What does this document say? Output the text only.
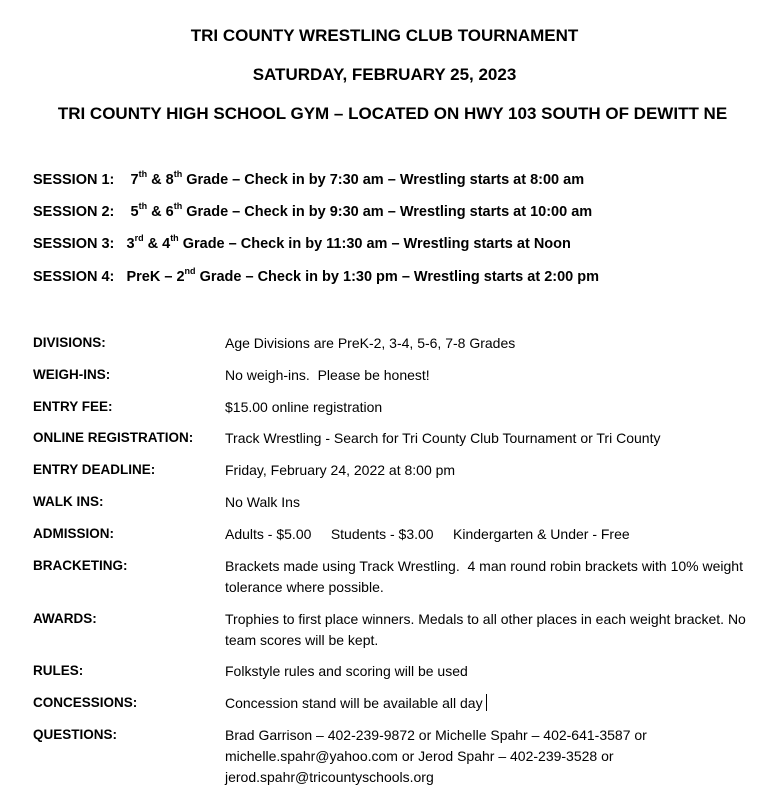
TRI COUNTY WRESTLING CLUB TOURNAMENT
SATURDAY, FEBRUARY 25, 2023
TRI COUNTY HIGH SCHOOL GYM – LOCATED ON HWY 103 SOUTH OF DEWITT NE
SESSION 1: 7th & 8th Grade – Check in by 7:30 am – Wrestling starts at 8:00 am
SESSION 2: 5th & 6th Grade – Check in by 9:30 am – Wrestling starts at 10:00 am
SESSION 3: 3rd & 4th Grade – Check in by 11:30 am – Wrestling starts at Noon
SESSION 4: PreK – 2nd Grade – Check in by 1:30 pm – Wrestling starts at 2:00 pm
DIVISIONS:	Age Divisions are PreK-2, 3-4, 5-6, 7-8 Grades
WEIGH-INS:	No weigh-ins.  Please be honest!
ENTRY FEE:	$15.00 online registration
ONLINE REGISTRATION: Track Wrestling - Search for Tri County Club Tournament or Tri County
ENTRY DEADLINE:	Friday, February 24, 2022 at 8:00 pm
WALK INS:	No Walk Ins
ADMISSION:	Adults - $5.00     Students - $3.00     Kindergarten & Under - Free
BRACKETING:	Brackets made using Track Wrestling.  4 man round robin brackets with 10% weight tolerance where possible.
AWARDS:	Trophies to first place winners. Medals to all other places in each weight bracket. No team scores will be kept.
RULES:	Folkstyle rules and scoring will be used
CONCESSIONS:	Concession stand will be available all day
QUESTIONS:	Brad Garrison – 402-239-9872 or Michelle Spahr – 402-641-3587 or michelle.spahr@yahoo.com or Jerod Spahr – 402-239-3528 or jerod.spahr@tricountyschools.org
